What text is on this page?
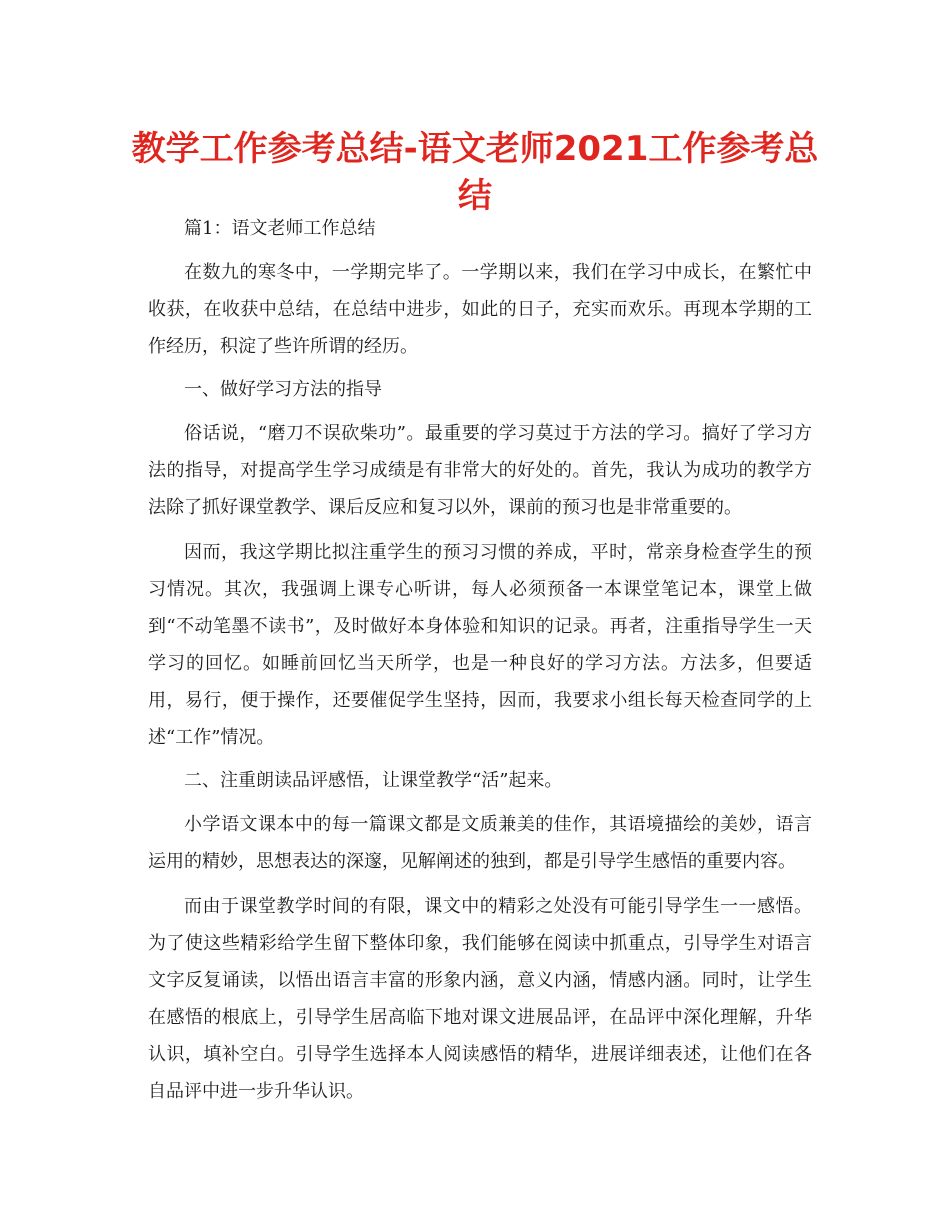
教学工作参考总结-语文老师2021工作参考总结

篇1：语文老师工作总结

在数九的寒冬中，一学期完毕了。一学期以来，我们在学习中成长，在繁忙中收获，在收获中总结，在总结中进步，如此的日子，充实而欢乐。再现本学期的工作经历，积淀了些许所谓的经历。

一、做好学习方法的指导

俗话说，“磨刀不误砍柴功”。最重要的学习莫过于方法的学习。搞好了学习方法的指导，对提高学生学习成绩是有非常大的好处的。首先，我认为成功的教学方法除了抓好课堂教学、课后反应和复习以外，课前的预习也是非常重要的。

因而，我这学期比拟注重学生的预习习惯的养成，平时，常亲身检查学生的预习情况。其次，我强调上课专心听讲，每人必须预备一本课堂笔记本，课堂上做到“不动笔墨不读书”，及时做好本身体验和知识的记录。再者，注重指导学生一天学习的回忆。如睡前回忆当天所学，也是一种良好的学习方法。方法多，但要适用，易行，便于操作，还要催促学生坚持，因而，我要求小组长每天检查同学的上述“工作”情况。

二、注重朗读品评感悟，让课堂教学“活”起来。

小学语文课本中的每一篇课文都是文质兼美的佳作，其语境描绘的美妙，语言运用的精妙，思想表达的深邃，见解阐述的独到，都是引导学生感悟的重要内容。

而由于课堂教学时间的有限，课文中的精彩之处没有可能引导学生一一感悟。为了使这些精彩给学生留下整体印象，我们能够在阅读中抓重点，引导学生对语言文字反复诵读，以悟出语言丰富的形象内涵，意义内涵，情感内涵。同时，让学生在感悟的根底上，引导学生居高临下地对课文进展品评，在品评中深化理解，升华认识，填补空白。引导学生选择本人阅读感悟的精华，进展详细表述，让他们在各自品评中进一步升华认识。
